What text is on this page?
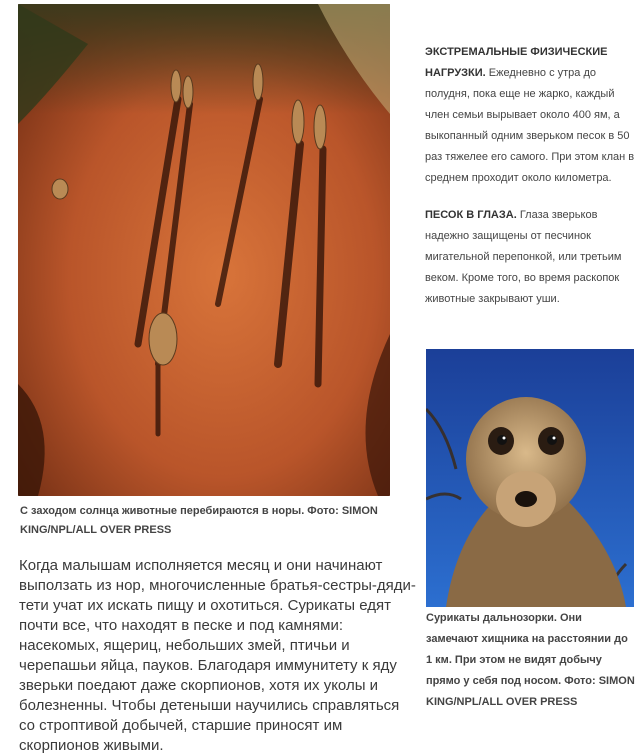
С заходом солнца животные перебираются в норы. Фото: SIMON KING/NPL/ALL OVER PRESS
Когда малышам исполняется месяц и они начинают выползать из нор, многочисленные братья-сестры-дяди-тети учат их искать пищу и охотиться. Сурикаты едят почти все, что находят в песке и под камнями: насекомых, ящериц, небольших змей, птичьи и черепашьи яйца, пауков. Благодаря иммунитету к яду зверьки поедают даже скорпионов, хотя их уколы и болезненны. Чтобы детеныши научились справляться со строптивой добычей, старшие приносят им скорпионов живыми.

ЭКСТРЕМАЛЬНЫЕ ФИЗИЧЕСКИЕ НАГРУЗКИ. Ежедневно с утра до полудня, пока еще не жарко, каждый член семьи вырывает около 400 ям, а выкопанный одним зверьком песок в 50 раз тяжелее его самого. При этом клан в среднем проходит около километра.

ПЕСОК В ГЛАЗА. Глаза зверьков надежно защищены от песчинок мигательной перепонкой, или третьим веком. Кроме того, во время раскопок животные закрывают уши.

Сурикаты дальнозорки. Они замечают хищника на расстоянии до 1 км. При этом не видят добычу прямо у себя под носом. Фото: SIMON KING/NPL/ALL OVER PRESS
